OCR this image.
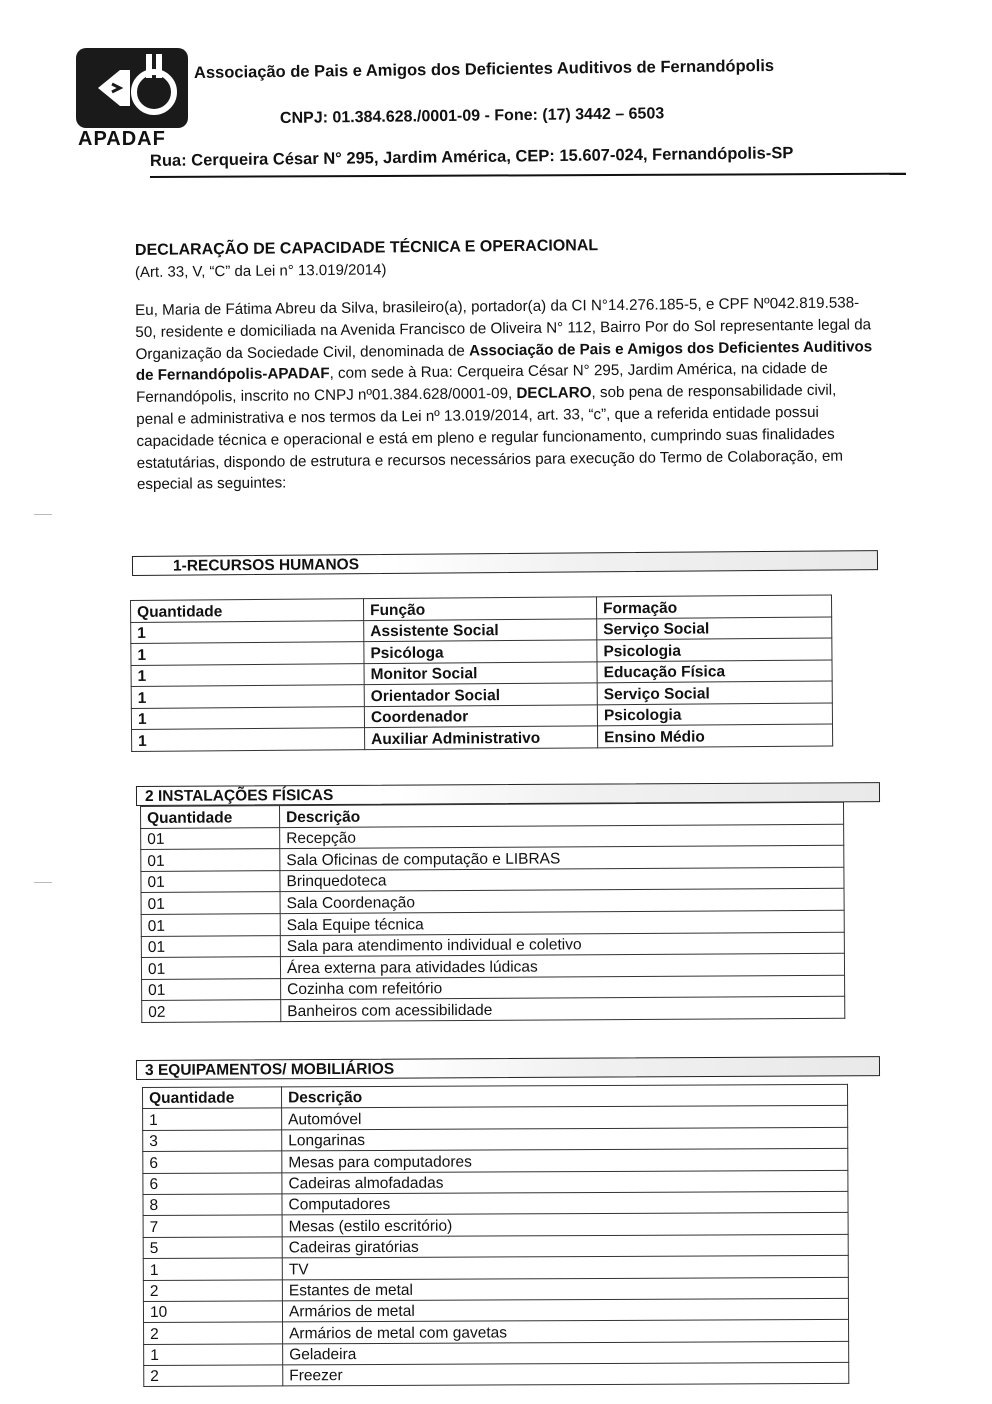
APADAF
Associação de Pais e Amigos dos Deficientes Auditivos de Fernandópolis
CNPJ: 01.384.628./0001-09 - Fone: (17) 3442 – 6503
Rua: Cerqueira César N° 295, Jardim América, CEP: 15.607-024, Fernandópolis-SP
DECLARAÇÃO DE CAPACIDADE TÉCNICA E OPERACIONAL
(Art. 33, V, “C” da Lei n° 13.019/2014)
Eu, Maria de Fátima Abreu da Silva, brasileiro(a), portador(a) da CI N°14.276.185-5, e CPF Nº042.819.538-50, residente e domiciliada na Avenida Francisco de Oliveira N° 112, Bairro Por do Sol representante legal da Organização da Sociedade Civil, denominada de Associação de Pais e Amigos dos Deficientes Auditivos de Fernandópolis-APADAF, com sede à Rua: Cerqueira César N° 295, Jardim América, na cidade de Fernandópolis, inscrito no CNPJ nº01.384.628/0001-09, DECLARO, sob pena de responsabilidade civil, penal e administrativa e nos termos da Lei nº 13.019/2014, art. 33, “c”, que a referida entidade possui capacidade técnica e operacional e está em pleno e regular funcionamento, cumprindo suas finalidades estatutárias, dispondo de estrutura e recursos necessários para execução do Termo de Colaboração, em especial as seguintes:
1-RECURSOS HUMANOS
Quantidade	Função	Formação
1	Assistente Social	Serviço Social
1	Psicóloga	Psicologia
1	Monitor Social	Educação Física
1	Orientador Social	Serviço Social
1	Coordenador	Psicologia
1	Auxiliar Administrativo	Ensino Médio
2 INSTALAÇÕES FÍSICAS
Quantidade	Descrição
01	Recepção
01	Sala Oficinas de computação e LIBRAS
01	Brinquedoteca
01	Sala Coordenação
01	Sala Equipe técnica
01	Sala para atendimento individual e coletivo
01	Área externa para atividades lúdicas
01	Cozinha com refeitório
02	Banheiros com acessibilidade
3 EQUIPAMENTOS/ MOBILIÁRIOS
Quantidade	Descrição
1	Automóvel
3	Longarinas
6	Mesas para computadores
6	Cadeiras almofadadas
8	Computadores
7	Mesas (estilo escritório)
5	Cadeiras giratórias
1	TV
2	Estantes de metal
10	Armários de metal
2	Armários de metal com gavetas
1	Geladeira
2	Freezer
